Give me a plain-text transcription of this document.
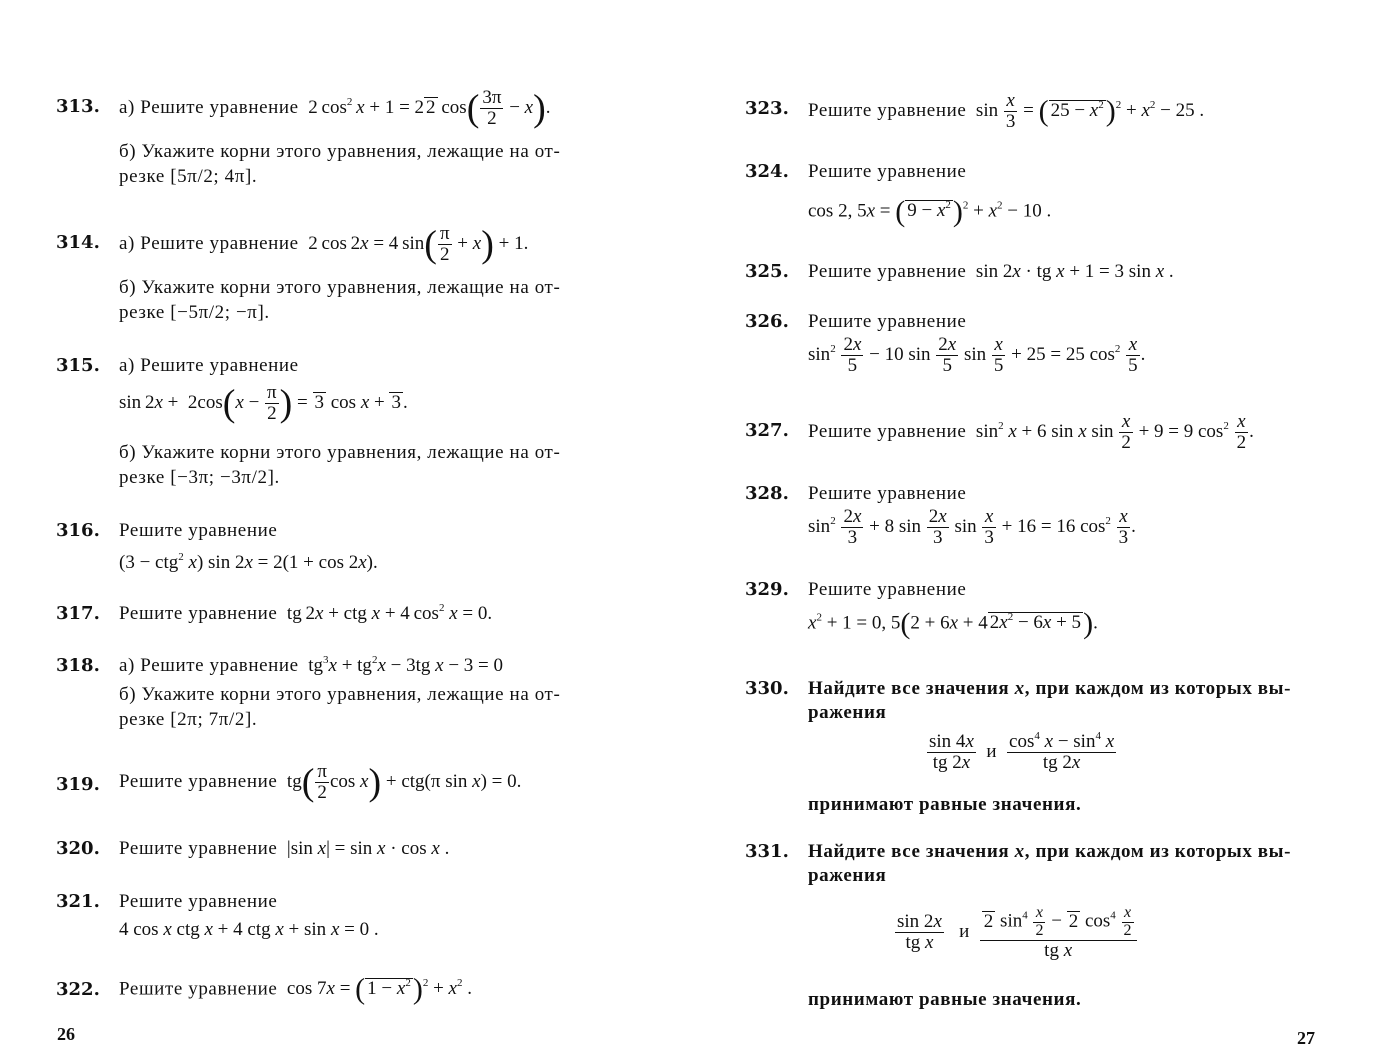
313. а) Решите уравнение  2 $\cos^2 x + 1 = 2$ 2 $\cos( \frac{3\pi}{2} - x)$.
б) Укажите корни этого уравнения, лежащие на от-
резке [5π/2; 4π].
314. а) Решите уравнение  2 cos 2x = 4 $\sin( \frac{\pi}{2} + x) + 1$.
б) Укажите корни этого уравнения, лежащие на от-
резке [−5π/2; −π].
315. а) Решите уравнение
$\sin 2x + 2\cos(x - \frac{\pi}{2}$ ) = 3 cos x + 3 .
б) Укажите корни этого уравнения, лежащие на от-
резке [−3π; −3π/2].
316. Решите уравнение
(3 − ctg$^2$ x) sin 2x = 2(1 + cos 2x).
317. Решите уравнение  tg 2x + ctg x + 4 $\cos^2 x = 0$.
318. а) Решите уравнение  $tg^3x + tg^2x - 3tg$ x − 3 = 0
б) Укажите корни этого уравнения, лежащие на от-
резке [2π; 7π/2].
319. Решите уравнение  $tg( \frac{\pi}{2}$ cos x) + ctg(π sin x) = 0.
320. Решите уравнение  |sin x| = sin x · cos x .
321. Решите уравнение
4 cos x ctg x + 4 ctg x + sin x = 0 .
322. Решите уравнение  cos 7x = ( $1 - x^2)^2 + x^2$ .
26
323. Решите уравнение  $\sin \frac{x}{3}$ = ( $25 - x^2)^2 + x^2 - 25$ .
324. Решите уравнение
cos 2, 5x = ( $9 - x^2)^2 + x^2 - 10$ .
325. Решите уравнение  sin 2x · tg x + 1 = 3 sin x .
326. Решите уравнение
$\sin^2 \frac{2x}{5} - 10$ $\sin \frac{2x}{5}$ $\sin \frac{x}{5} + 25 = 25$ $\cos^2 \frac{x}{5}$ .
327. Решите уравнение  $\sin^2 x + 6$ sin x $\sin \frac{x}{2} + 9 = 9$ $\cos^2 \frac{x}{2}$ .
328. Решите уравнение
$\sin^2 \frac{2x}{3} + 8$ $\sin \frac{2x}{3}$ $\sin \frac{x}{3} + 16 = 16$ $\cos^2 \frac{x}{3}$ .
329. Решите уравнение
$x^2 + 1 = 0$, 5(2 + 6x + 4 $2x^2 - 6x + 5$).
330. Найдите все значения x, при каждом из которых вы-
ражения
$\frac{\sin 4x}{tg 2x}$ и $\frac{\cos^4 x - \sin^4 x}{tg 2x}$
принимают равные значения.
331. Найдите все значения x, при каждом из которых вы-
ражения
$\frac{\sin 2x}{\text{tg x}}$ и $\frac{2 \sin^4 \frac{x}{2} - 2 \cos^4 \frac{x}{2}}{\text{tg x}}$
принимают равные значения.
27
